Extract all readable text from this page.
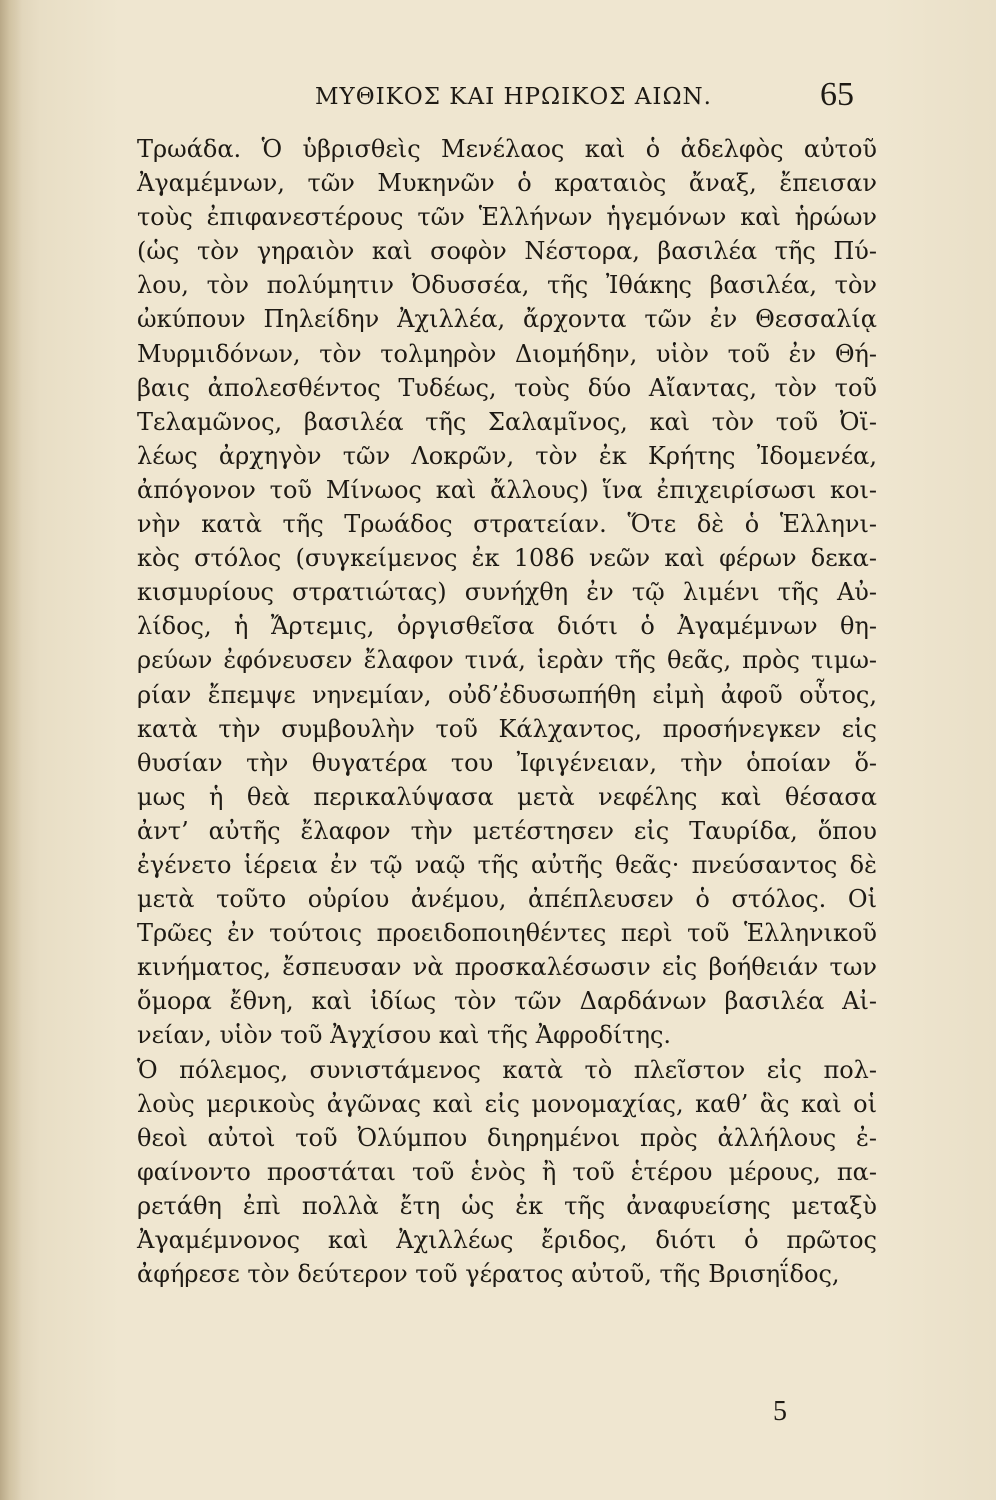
ΜΥΘΙΚΟΣ ΚΑΙ ΗΡΩΙΚΟΣ ΑΙΩΝ.	65
Τρωάδα. Ὁ ὑβρισθεὶς Μενέλαος καὶ ὁ ἀδελφὸς αὐτοῦ
Ἀγαμέμνων, τῶν Μυκηνῶν ὁ κραταιὸς ἄναξ, ἔπεισαν
τοὺς ἐπιφανεστέρους τῶν Ἑλλήνων ἡγεμόνων καὶ ἡρώων
(ὡς τὸν γηραιὸν καὶ σοφὸν Νέστορα, βασιλέα τῆς Πύ-
λου, τὸν πολύμητιν Ὀδυσσέα, τῆς Ἰθάκης βασιλέα, τὸν
ὠκύπουν Πηλείδην Ἀχιλλέα, ἄρχοντα τῶν ἐν Θεσσαλίᾳ
Μυρμιδόνων, τὸν τολμηρὸν Διομήδην, υἱὸν τοῦ ἐν Θή-
βαις ἀπολεσθέντος Τυδέως, τοὺς δύο Αἴαντας, τὸν τοῦ
Τελαμῶνος, βασιλέα τῆς Σαλαμῖνος, καὶ τὸν τοῦ Ὀϊ-
λέως ἀρχηγὸν τῶν Λοκρῶν, τὸν ἐκ Κρήτης Ἰδομενέα,
ἀπόγονον τοῦ Μίνωος καὶ ἄλλους) ἵνα ἐπιχειρίσωσι κοι-
νὴν κατὰ τῆς Τρωάδος στρατείαν. Ὅτε δὲ ὁ Ἑλληνι-
κὸς στόλος (συγκείμενος ἐκ 1086 νεῶν καὶ φέρων δεκα-
κισμυρίους στρατιώτας) συνήχθη ἐν τῷ λιμένι τῆς Αὐ-
λίδος, ἡ Ἄρτεμις, ὀργισθεῖσα διότι ὁ Ἀγαμέμνων θη-
ρεύων ἐφόνευσεν ἔλαφον τινά, ἱερὰν τῆς θεᾶς, πρὸς τιμω-
ρίαν ἔπεμψε νηνεμίαν, οὐδ’ἐδυσωπήθη εἰμὴ ἀφοῦ οὗτος,
κατὰ τὴν συμβουλὴν τοῦ Κάλχαντος, προσήνεγκεν εἰς
θυσίαν τὴν θυγατέρα του Ἰφιγένειαν, τὴν ὁποίαν ὅ-
μως ἡ θεὰ περικαλύψασα μετὰ νεφέλης καὶ θέσασα
ἀντ’ αὐτῆς ἔλαφον τὴν μετέστησεν εἰς Ταυρίδα, ὅπου
ἐγένετο ἱέρεια ἐν τῷ ναῷ τῆς αὐτῆς θεᾶς· πνεύσαντος δὲ
μετὰ τοῦτο οὐρίου ἀνέμου, ἀπέπλευσεν ὁ στόλος. Οἱ
Τρῶες ἐν τούτοις προειδοποιηθέντες περὶ τοῦ Ἑλληνικοῦ
κινήματος, ἔσπευσαν νὰ προσκαλέσωσιν εἰς βοήθειάν των
ὅμορα ἔθνη, καὶ ἰδίως τὸν τῶν Δαρδάνων βασιλέα Αἰ-
νείαν, υἱὸν τοῦ Ἀγχίσου καὶ τῆς Ἀφροδίτης.
Ὁ πόλεμος, συνιστάμενος κατὰ τὸ πλεῖστον εἰς πολ-
λοὺς μερικοὺς ἀγῶνας καὶ εἰς μονομαχίας, καθ’ ἃς καὶ οἱ
θεοὶ αὐτοὶ τοῦ Ὀλύμπου διηρημένοι πρὸς ἀλλήλους ἐ-
φαίνοντο προστάται τοῦ ἑνὸς ἢ τοῦ ἑτέρου μέρους, πα-
ρετάθη ἐπὶ πολλὰ ἔτη ὡς ἐκ τῆς ἀναφυείσης μεταξὺ
Ἀγαμέμνονος καὶ Ἀχιλλέως ἔριδος, διότι ὁ πρῶτος
ἀφήρεσε τὸν δεύτερον τοῦ γέρατος αὐτοῦ, τῆς Βρισηΐδος,
5
